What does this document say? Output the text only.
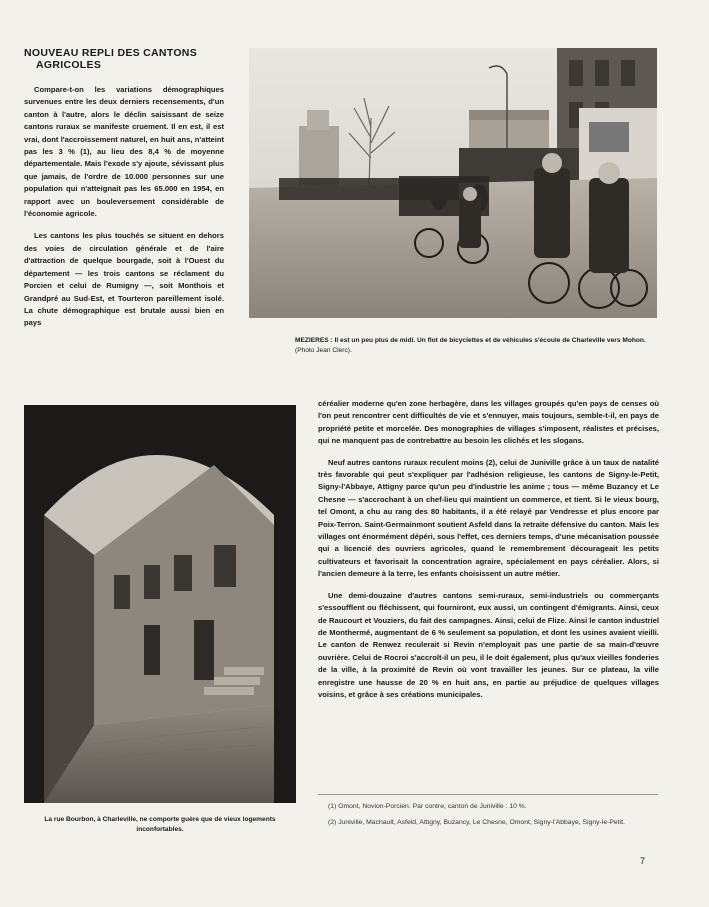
NOUVEAU REPLI DES CANTONS
AGRICOLES

Compare-t-on les variations démographiques survenues entre les deux derniers recensements, d'un canton à l'autre, alors le déclin saisissant de seize cantons ruraux se manifeste cruement. Il en est, il est vrai, dont l'accroissement naturel, en huit ans, n'atteint pas les 3 % (1), au lieu des 8,4 % de moyenne départementale. Mais l'exode s'y ajoute, sévissant plus que jamais, de l'ordre de 10.000 personnes sur une population qui n'atteignait pas les 65.000 en 1954, en rapport avec un bouleversement considérable de l'économie agricole.

Les cantons les plus touchés se situent en dehors des voies de circulation générale et de l'aire d'attraction de quelque bourgade, soit à l'Ouest du département — les trois cantons se réclament du Porcien et celui de Rumigny —, soit Monthois et Grandpré au Sud-Est, et Tourteron pareillement isolé. La chute démographique est brutale aussi bien en pays

MEZIERES : Il est un peu plus de midi. Un flot de bicyclettes et de véhicules s'écoule de Charleville vers Mohon. (Photo Jean Clerc).
La rue Bourbon, à Charleville, ne comporte guère que de vieux logements inconfortables.

céréalier moderne qu'en zone herbagère, dans les villages groupés qu'en pays de censes où l'on peut rencontrer cent difficultés de vie et s'ennuyer, mais toujours, semble-t-il, en pays de propriété petite et morcelée. Des monographies de villages s'imposent, réalistes et précises, qui ne manquent pas de contrebattre au besoin les clichés et les slogans.

Neuf autres cantons ruraux reculent moins (2), celui de Juniville grâce à un taux de natalité très favorable qui peut s'expliquer par l'adhésion religieuse, les cantons de Signy-le-Petit, Signy-l'Abbaye, Attigny parce qu'un peu d'industrie les anime ; tous — même Buzancy et Le Chesne — s'accrochant à un chef-lieu qui maintient un commerce, et tient. Si le vieux bourg, tel Omont, a chu au rang des 80 habitants, il a été relayé par Vendresse et plus encore par Poix-Terron. Saint-Germainmont soutient Asfeld dans la retraite défensive du canton. Mais les villages ont énormément dépéri, sous l'effet, ces derniers temps, d'une mécanisation poussée qui a licencié des ouvriers agricoles, quand le remembrement décourageait les petits cultivateurs et favorisait la concentration agraire, spécialement en pays céréalier. Alors, si l'ancien demeure à la terre, les enfants choisissent un autre métier.

Une demi-douzaine d'autres cantons semi-ruraux, semi-industriels ou commerçants s'essoufflent ou fléchissent, qui fourniront, eux aussi, un contingent d'émigrants. Ainsi, ceux de Raucourt et Vouziers, du fait des campagnes. Ainsi, celui de Flize. Ainsi le canton industriel de Monthermé, augmentant de 6 % seulement sa population, et dont les usines avaient vieilli. Le canton de Renwez reculerait si Revin n'employait pas une partie de sa main-d'œuvre ouvrière. Celui de Rocroi s'accroît-il un peu, il le doit également, plus qu'aux vieilles fonderies de la ville, à la proximité de Revin où vont travailler les jeunes. Sur ce plateau, la ville enregistre une hausse de 20 % en huit ans, en partie au préjudice de quelques villages voisins, et grâce à ses créations municipales.

(1) Omont, Novion-Porcien. Par contre, canton de Juniville : 10 %.

(2) Juniville, Machault, Asfeld, Attigny, Buzancy, Le Chesne, Omont, Signy-l'Abbaye, Signy-le-Petit.

7
